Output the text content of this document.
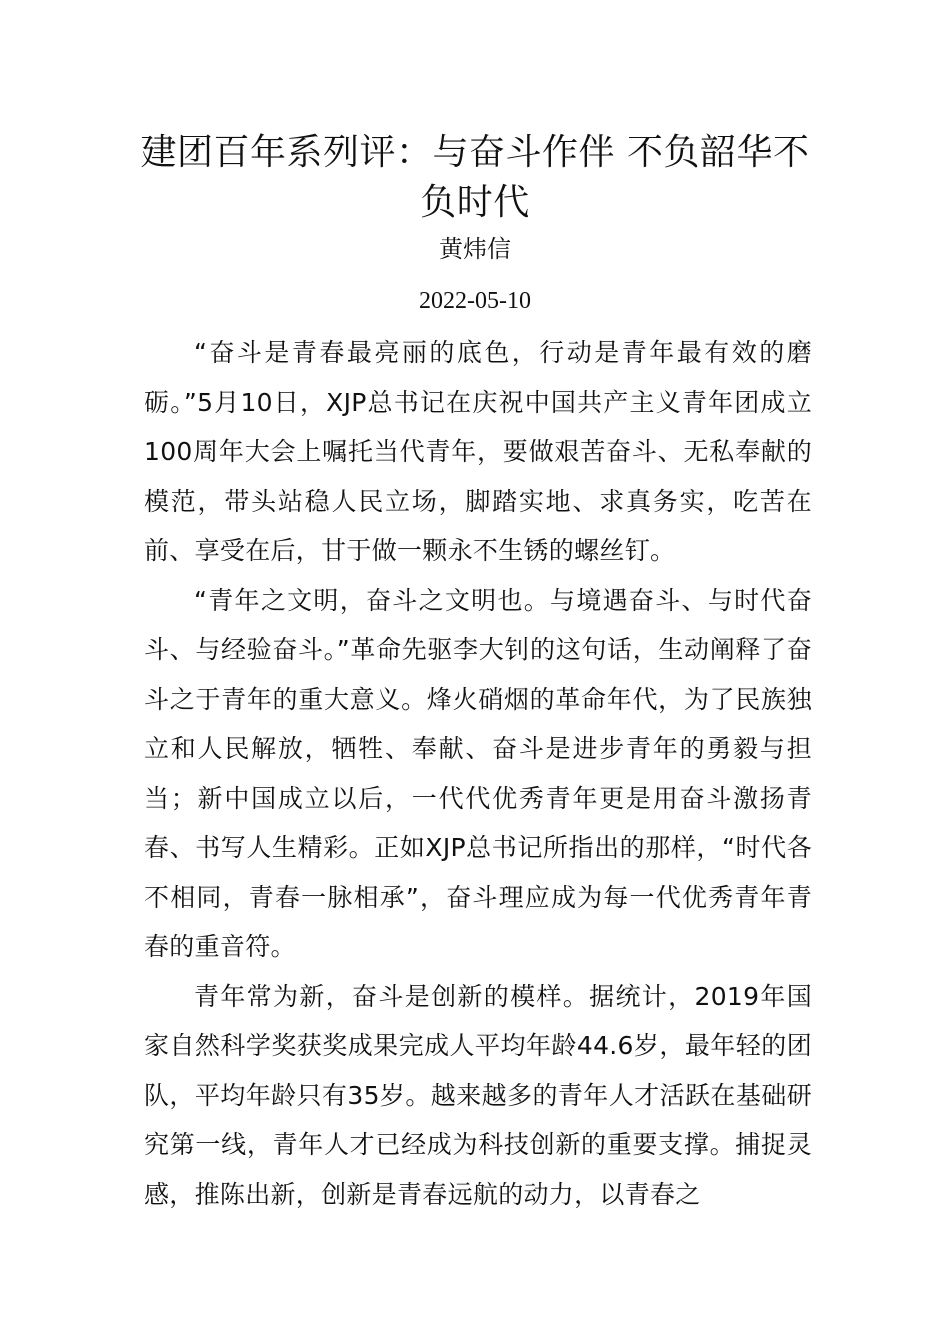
建团百年系列评：与奋斗作伴 不负韶华不负时代
黄炜信
2022-05-10

“奋斗是青春最亮丽的底色，行动是青年最有效的磨砺。”5月10日，XJP总书记在庆祝中国共产主义青年团成立100周年大会上嘱托当代青年，要做艰苦奋斗、无私奉献的模范，带头站稳人民立场，脚踏实地、求真务实，吃苦在前、享受在后，甘于做一颗永不生锈的螺丝钉。

“青年之文明，奋斗之文明也。与境遇奋斗、与时代奋斗、与经验奋斗。”革命先驱李大钊的这句话，生动阐释了奋斗之于青年的重大意义。烽火硝烟的革命年代，为了民族独立和人民解放，牺牲、奉献、奋斗是进步青年的勇毅与担当；新中国成立以后，一代代优秀青年更是用奋斗激扬青春、书写人生精彩。正如XJP总书记所指出的那样，“时代各不相同，青春一脉相承”，奋斗理应成为每一代优秀青年青春的重音符。

青年常为新，奋斗是创新的模样。据统计，2019年国家自然科学奖获奖成果完成人平均年龄44.6岁，最年轻的团队，平均年龄只有35岁。越来越多的青年人才活跃在基础研究第一线，青年人才已经成为科技创新的重要支撑。捕捉灵感，推陈出新，创新是青春远航的动力，以青春之
